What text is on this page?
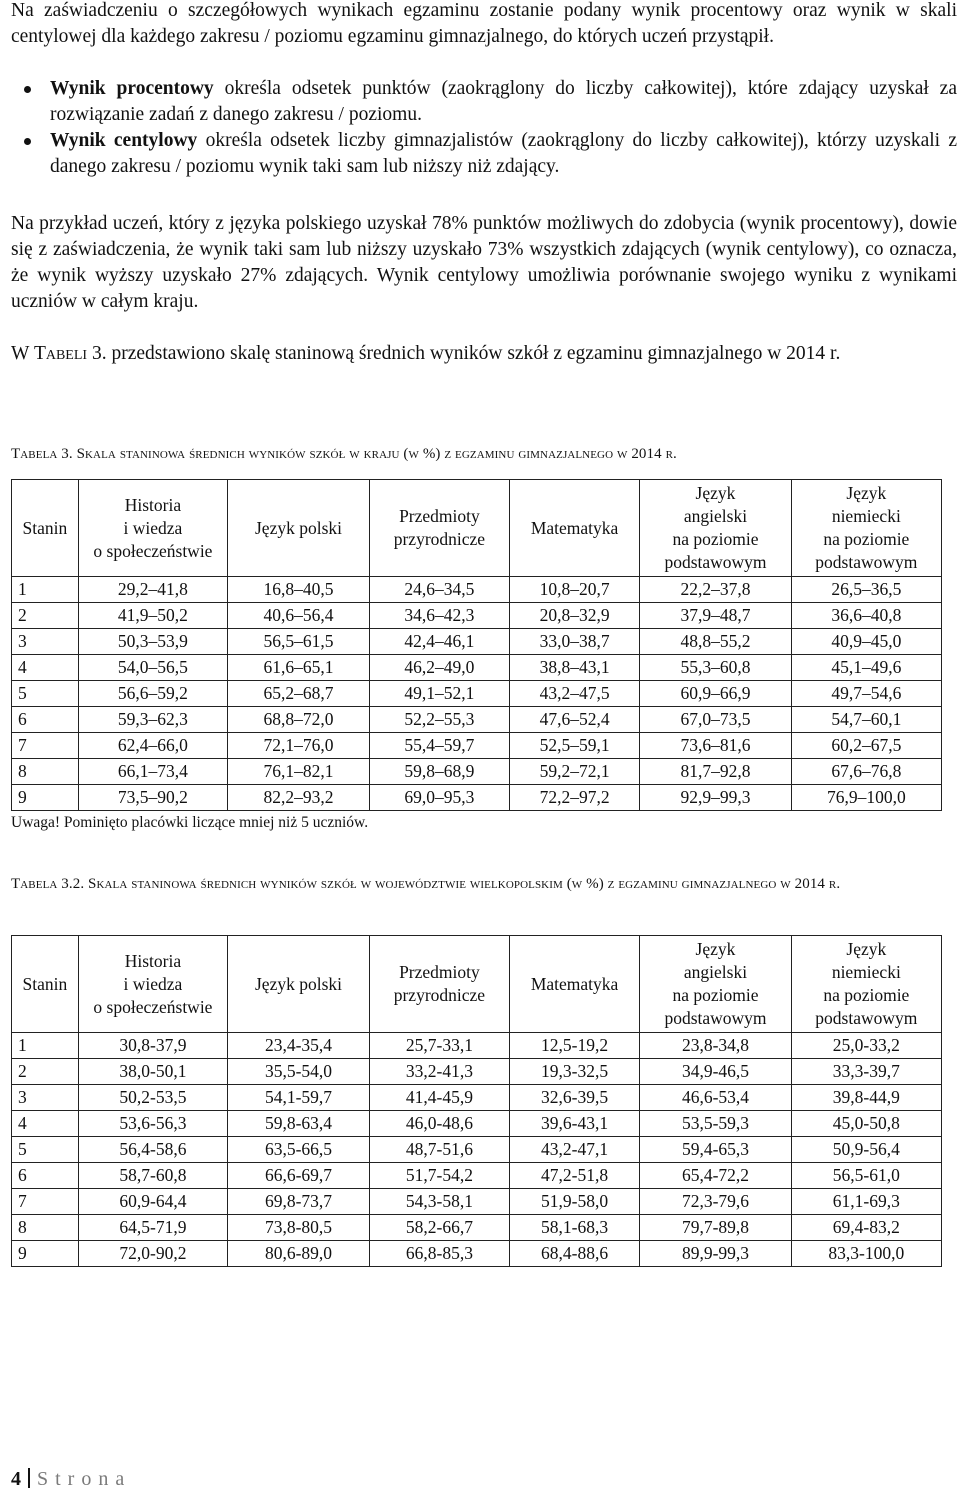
Na zaświadczeniu o szczegółowych wynikach egzaminu zostanie podany wynik procentowy oraz wynik w skali centylowej dla każdego zakresu / poziomu egzaminu gimnazjalnego, do których uczeń przystąpił.

Wynik procentowy określa odsetek punktów (zaokrąglony do liczby całkowitej), które zdający uzyskał za rozwiązanie zadań z danego zakresu / poziomu.
Wynik centylowy określa odsetek liczby gimnazjalistów (zaokrąglony do liczby całkowitej), którzy uzyskali z danego zakresu / poziomu wynik taki sam lub niższy niż zdający.

Na przykład uczeń, który z języka polskiego uzyskał 78% punktów możliwych do zdobycia (wynik procentowy), dowie się z zaświadczenia, że wynik taki sam lub niższy uzyskało 73% wszystkich zdających (wynik centylowy), co oznacza, że wynik wyższy uzyskało 27% zdających. Wynik centylowy umożliwia porównanie swojego wyniku z wynikami uczniów w całym kraju.

W Tabeli 3. przedstawiono skalę staninową średnich wyników szkół z egzaminu gimnazjalnego w 2014 r.

Tabela 3. Skala staninowa średnich wyników szkół w kraju (w %) z egzaminu gimnazjalnego w 2014 r.

Stanin	Historia
i wiedza
o społeczeństwie	Język polski	Przedmioty
przyrodnicze	Matematyka	Język
angielski
na poziomie
podstawowym	Język
niemiecki
na poziomie
podstawowym
1	29,2–41,8	16,8–40,5	24,6–34,5	10,8–20,7	22,2–37,8	26,5–36,5
2	41,9–50,2	40,6–56,4	34,6–42,3	20,8–32,9	37,9–48,7	36,6–40,8
3	50,3–53,9	56,5–61,5	42,4–46,1	33,0–38,7	48,8–55,2	40,9–45,0
4	54,0–56,5	61,6–65,1	46,2–49,0	38,8–43,1	55,3–60,8	45,1–49,6
5	56,6–59,2	65,2–68,7	49,1–52,1	43,2–47,5	60,9–66,9	49,7–54,6
6	59,3–62,3	68,8–72,0	52,2–55,3	47,6–52,4	67,0–73,5	54,7–60,1
7	62,4–66,0	72,1–76,0	55,4–59,7	52,5–59,1	73,6–81,6	60,2–67,5
8	66,1–73,4	76,1–82,1	59,8–68,9	59,2–72,1	81,7–92,8	67,6–76,8
9	73,5–90,2	82,2–93,2	69,0–95,3	72,2–97,2	92,9–99,3	76,9–100,0

Uwaga! Pominięto placówki liczące mniej niż 5 uczniów.

Tabela 3.2. Skala staninowa średnich wyników szkół w województwie wielkopolskim (w %) z egzaminu gimnazjalnego w 2014 r.

Stanin	Historia
i wiedza
o społeczeństwie	Język polski	Przedmioty
przyrodnicze	Matematyka	Język
angielski
na poziomie
podstawowym	Język
niemiecki
na poziomie
podstawowym
1	30,8-37,9	23,4-35,4	25,7-33,1	12,5-19,2	23,8-34,8	25,0-33,2
2	38,0-50,1	35,5-54,0	33,2-41,3	19,3-32,5	34,9-46,5	33,3-39,7
3	50,2-53,5	54,1-59,7	41,4-45,9	32,6-39,5	46,6-53,4	39,8-44,9
4	53,6-56,3	59,8-63,4	46,0-48,6	39,6-43,1	53,5-59,3	45,0-50,8
5	56,4-58,6	63,5-66,5	48,7-51,6	43,2-47,1	59,4-65,3	50,9-56,4
6	58,7-60,8	66,6-69,7	51,7-54,2	47,2-51,8	65,4-72,2	56,5-61,0
7	60,9-64,4	69,8-73,7	54,3-58,1	51,9-58,0	72,3-79,6	61,1-69,3
8	64,5-71,9	73,8-80,5	58,2-66,7	58,1-68,3	79,7-89,8	69,4-83,2
9	72,0-90,2	80,6-89,0	66,8-85,3	68,4-88,6	89,9-99,3	83,3-100,0
4 Strona
